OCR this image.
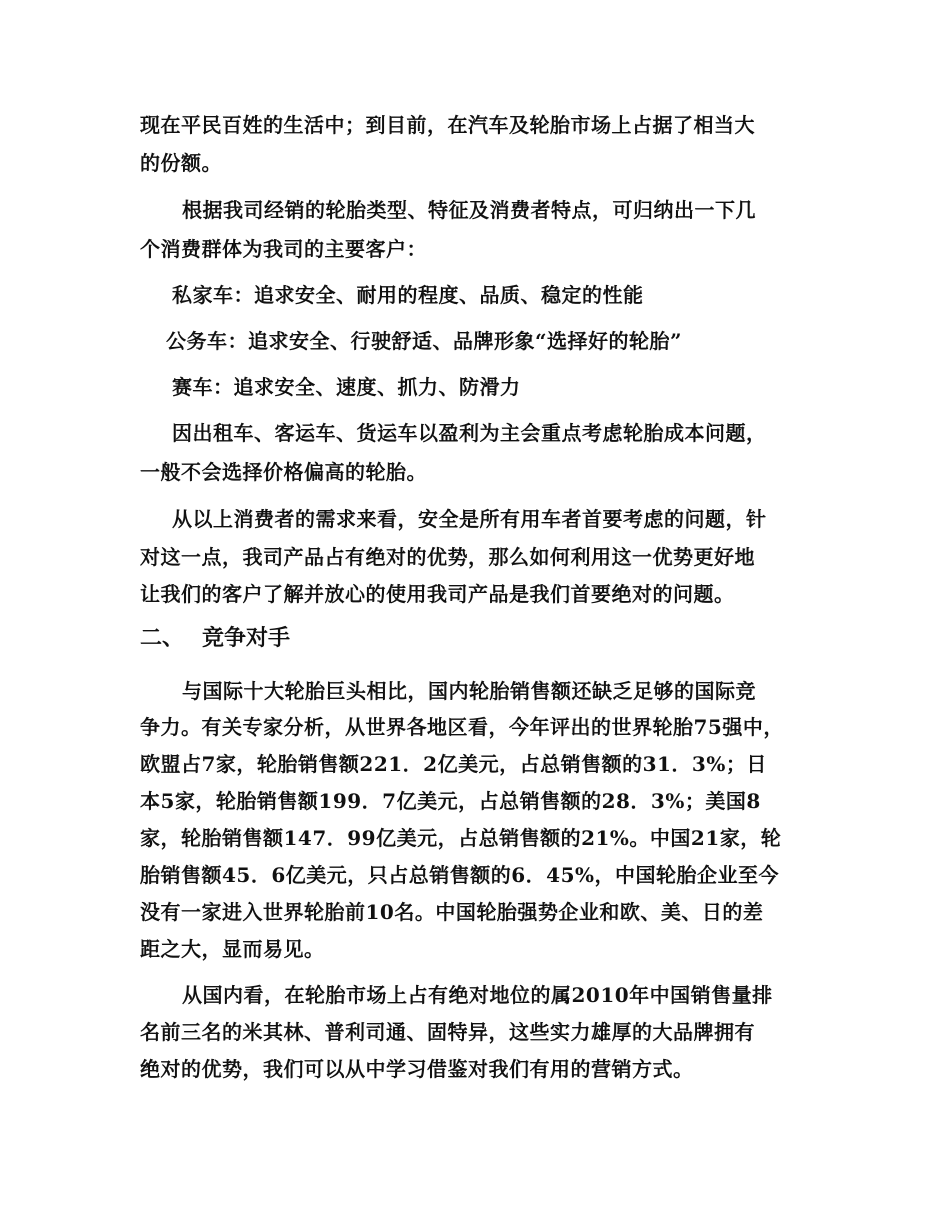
现在平民百姓的生活中；到目前，在汽车及轮胎市场上占据了相当大
的份额。
根据我司经销的轮胎类型、特征及消费者特点，可归纳出一下几
个消费群体为我司的主要客户：
私家车：追求安全、耐用的程度、品质、稳定的性能
公务车：追求安全、行驶舒适、品牌形象“选择好的轮胎”
赛车：追求安全、速度、抓力、防滑力
因出租车、客运车、货运车以盈利为主会重点考虑轮胎成本问题，
一般不会选择价格偏高的轮胎。
从以上消费者的需求来看，安全是所有用车者首要考虑的问题，针
对这一点，我司产品占有绝对的优势，那么如何利用这一优势更好地
让我们的客户了解并放心的使用我司产品是我们首要绝对的问题。
二、 竞争对手
与国际十大轮胎巨头相比，国内轮胎销售额还缺乏足够的国际竞
争力。有关专家分析，从世界各地区看，今年评出的世界轮胎75强中，
欧盟占7家，轮胎销售额221．2亿美元，占总销售额的31．3%；日
本5家，轮胎销售额199．7亿美元，占总销售额的28．3%；美国8
家，轮胎销售额147．99亿美元，占总销售额的21%。中国21家，轮
胎销售额45．6亿美元，只占总销售额的6．45%，中国轮胎企业至今
没有一家进入世界轮胎前10名。中国轮胎强势企业和欧、美、日的差
距之大，显而易见。
从国内看，在轮胎市场上占有绝对地位的属2010年中国销售量排
名前三名的米其林、普利司通、固特异，这些实力雄厚的大品牌拥有
绝对的优势，我们可以从中学习借鉴对我们有用的营销方式。
